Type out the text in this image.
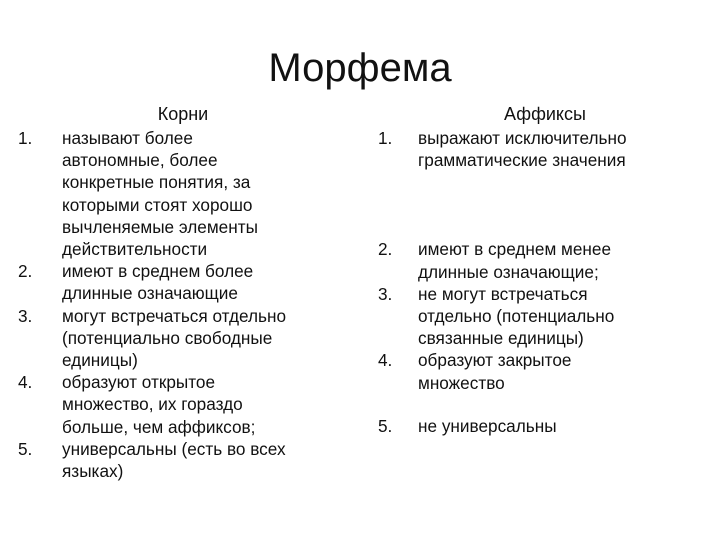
Морфема
Корни
1.	называют более
автономные, более
конкретные понятия, за
которыми стоят хорошо
вычленяемые элементы
действительности
2.	имеют в среднем более
длинные означающие
3.	могут встречаться отдельно
(потенциально свободные
единицы)
4.	образуют открытое
множество, их гораздо
больше, чем аффиксов;
5.	универсальны (есть во всех
языках)
Аффиксы
1.	выражают исключительно
грамматические значения
2.	имеют в среднем менее
длинные означающие;
3.	не могут встречаться
отдельно (потенциально
связанные единицы)
4.	образуют закрытое
множество
5.	не универсальны
